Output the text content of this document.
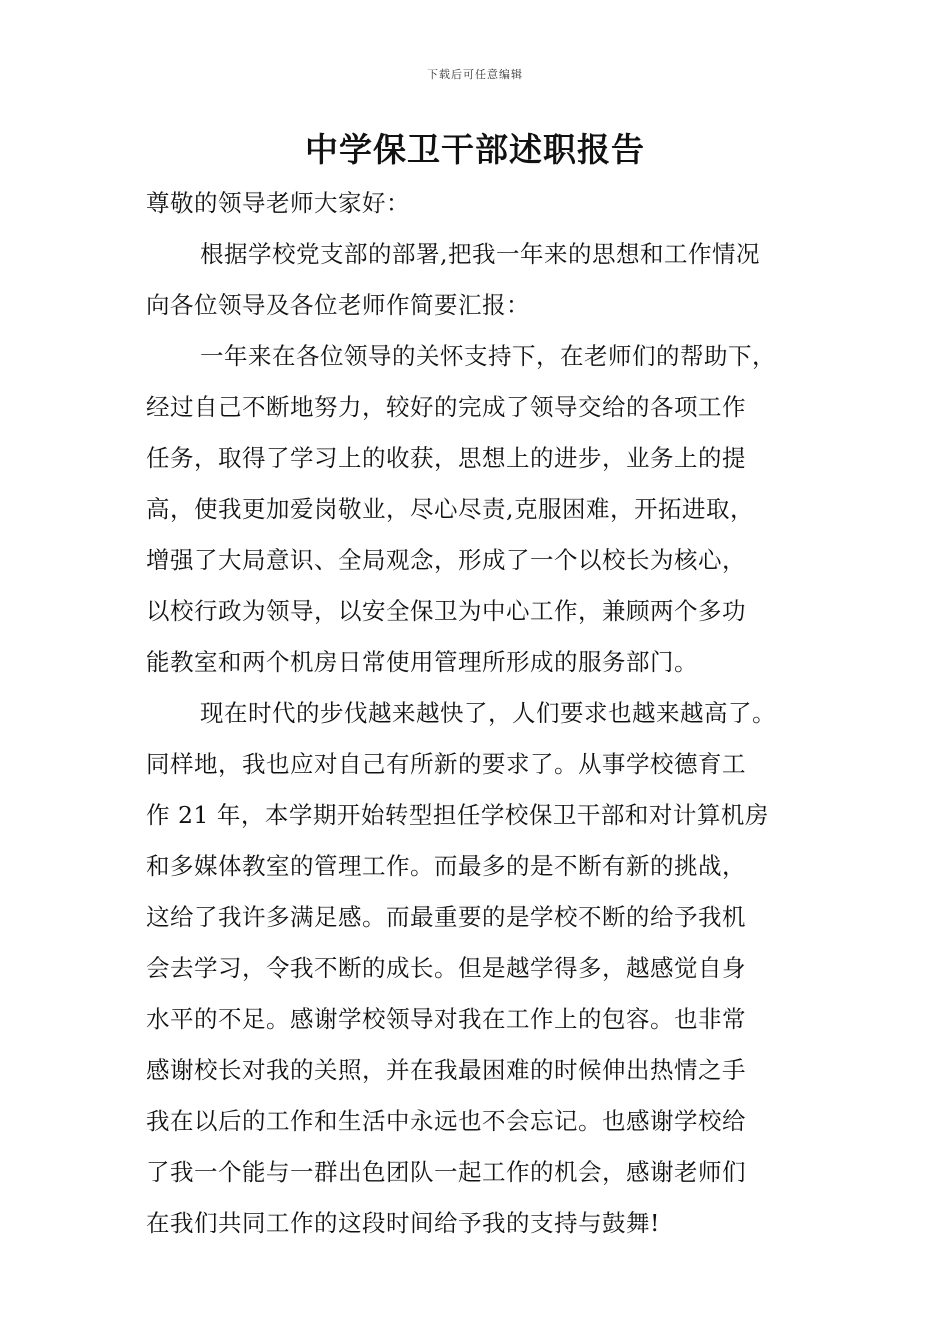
下载后可任意编辑
中学保卫干部述职报告
尊敬的领导老师大家好：
根据学校党支部的部署,把我一年来的思想和工作情况
向各位领导及各位老师作简要汇报：
一年来在各位领导的关怀支持下，在老师们的帮助下，
经过自己不断地努力，较好的完成了领导交给的各项工作
任务，取得了学习上的收获，思想上的进步，业务上的提
高，使我更加爱岗敬业，尽心尽责,克服困难，开拓进取，
增强了大局意识、全局观念，形成了一个以校长为核心，
以校行政为领导，以安全保卫为中心工作，兼顾两个多功
能教室和两个机房日常使用管理所形成的服务部门。
现在时代的步伐越来越快了，人们要求也越来越高了。
同样地，我也应对自己有所新的要求了。从事学校德育工
作 21 年，本学期开始转型担任学校保卫干部和对计算机房
和多媒体教室的管理工作。而最多的是不断有新的挑战，
这给了我许多满足感。而最重要的是学校不断的给予我机
会去学习，令我不断的成长。但是越学得多，越感觉自身
水平的不足。感谢学校领导对我在工作上的包容。也非常
感谢校长对我的关照，并在我最困难的时候伸出热情之手
我在以后的工作和生活中永远也不会忘记。也感谢学校给
了我一个能与一群出色团队一起工作的机会，感谢老师们
在我们共同工作的这段时间给予我的支持与鼓舞!
